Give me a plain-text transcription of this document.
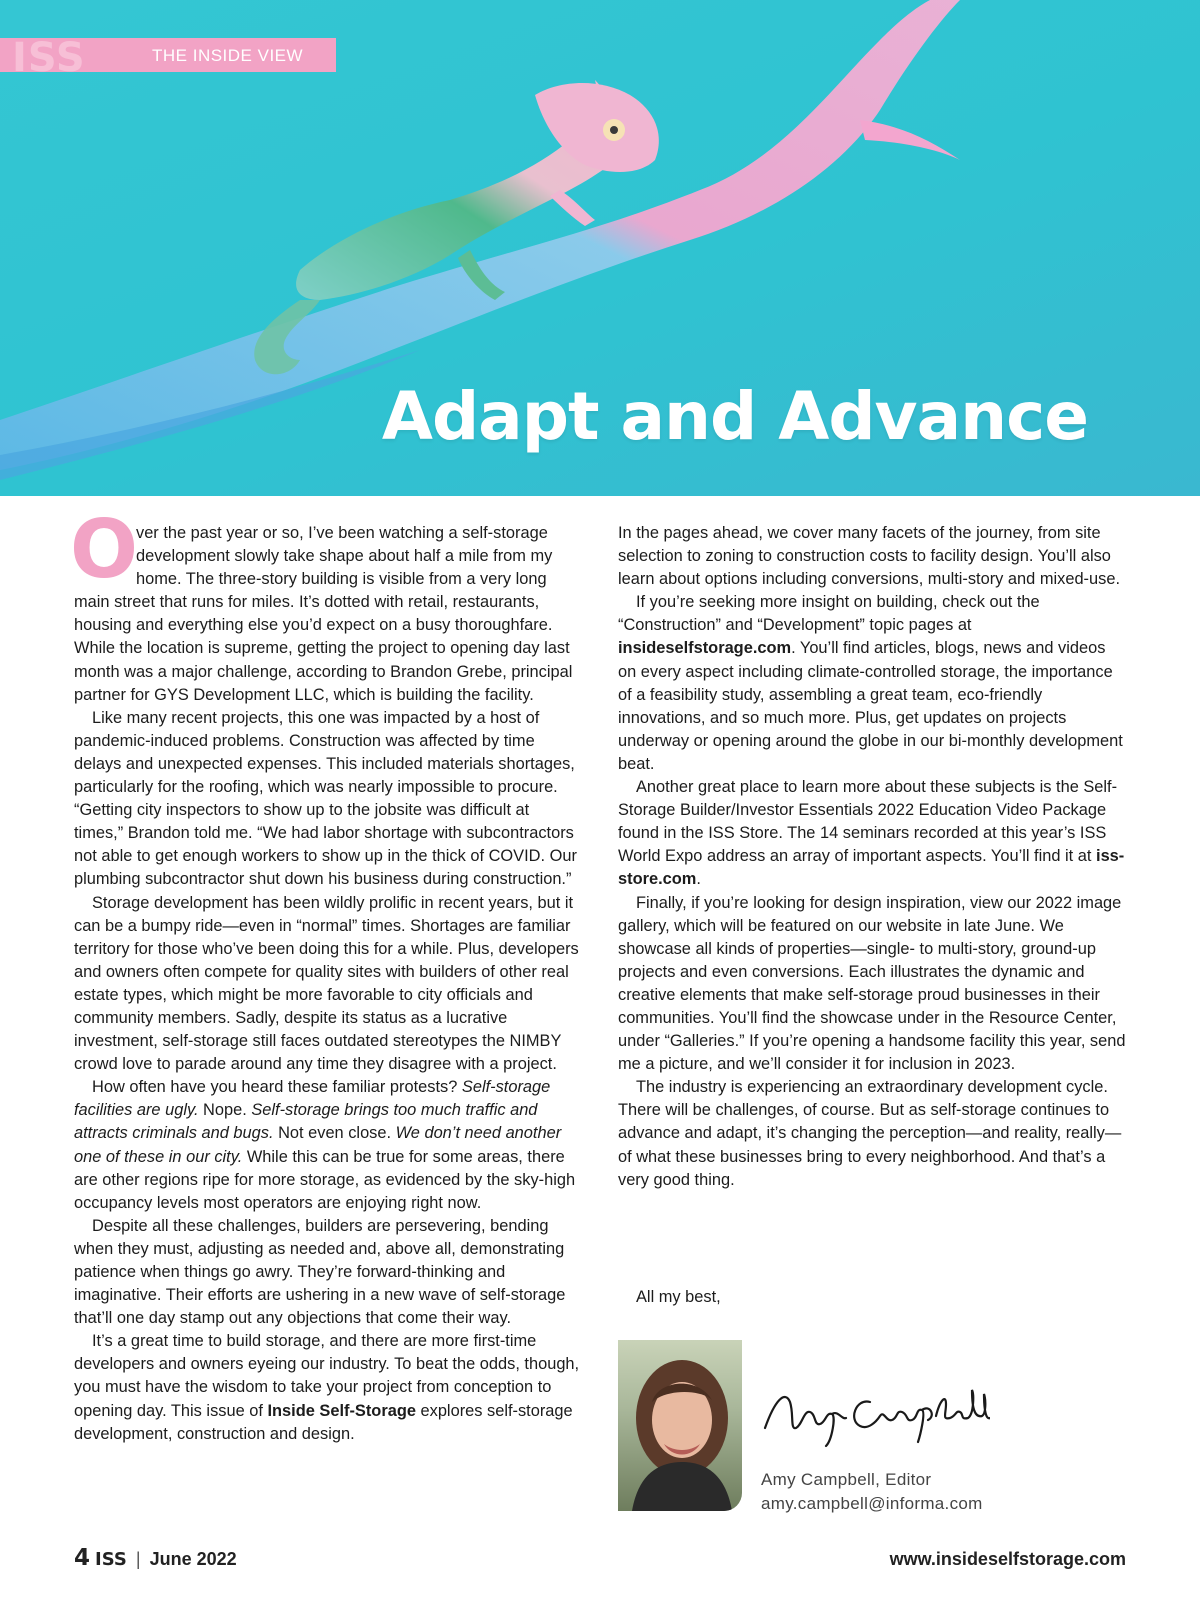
ISS	THE INSIDE VIEW
Adapt and Advance

O
ver the past year or so, I’ve been watching a self-storage development slowly take shape about half a mile from my home. The three-story building is visible from a very long main street that runs for miles. It’s dotted with retail, restaurants, housing and everything else you’d expect on a busy thoroughfare. While the location is supreme, getting the project to opening day last month was a major challenge, according to Brandon Grebe, principal partner for GYS Development LLC, which is building the facility.

Like many recent projects, this one was impacted by a host of pandemic-induced problems. Construction was affected by time delays and unexpected expenses. This included materials shortages, particularly for the roofing, which was nearly impossible to procure. “Getting city inspectors to show up to the jobsite was difficult at times,” Brandon told me. “We had labor shortage with subcontractors not able to get enough workers to show up in the thick of COVID. Our plumbing subcontractor shut down his business during construction.”

Storage development has been wildly prolific in recent years, but it can be a bumpy ride—even in “normal” times. Shortages are familiar territory for those who’ve been doing this for a while. Plus, developers and owners often compete for quality sites with builders of other real estate types, which might be more favorable to city officials and community members. Sadly, despite its status as a lucrative investment, self-storage still faces outdated stereotypes the NIMBY crowd love to parade around any time they disagree with a project.

How often have you heard these familiar protests? Self-storage facilities are ugly. Nope. Self-storage brings too much traffic and attracts criminals and bugs. Not even close. We don’t need another one of these in our city. While this can be true for some areas, there are other regions ripe for more storage, as evidenced by the sky-high occupancy levels most operators are enjoying right now.

Despite all these challenges, builders are persevering, bending when they must, adjusting as needed and, above all, demonstrating patience when things go awry. They’re forward-thinking and imaginative. Their efforts are ushering in a new wave of self-storage that’ll one day stamp out any objections that come their way.

It’s a great time to build storage, and there are more first-time developers and owners eyeing our industry. To beat the odds, though, you must have the wisdom to take your project from conception to opening day. This issue of Inside Self-Storage explores self-storage development, construction and design.

In the pages ahead, we cover many facets of the journey, from site selection to zoning to construction costs to facility design. You’ll also learn about options including conversions, multi-story and mixed-use.

If you’re seeking more insight on building, check out the “Construction” and “Development” topic pages at insideselfstorage.com. You’ll find articles, blogs, news and videos on every aspect including climate-controlled storage, the importance of a feasibility study, assembling a great team, eco-friendly innovations, and so much more. Plus, get updates on projects underway or opening around the globe in our bi-monthly development beat.

Another great place to learn more about these subjects is the Self-Storage Builder/Investor Essentials 2022 Education Video Package found in the ISS Store. The 14 seminars recorded at this year’s ISS World Expo address an array of important aspects. You’ll find it at iss-store.com.

Finally, if you’re looking for design inspiration, view our 2022 image gallery, which will be featured on our website in late June. We showcase all kinds of properties—single- to multi-story, ground-up projects and even conversions. Each illustrates the dynamic and creative elements that make self-storage proud businesses in their communities. You’ll find the showcase under in the Resource Center, under “Galleries.” If you’re opening a handsome facility this year, send me a picture, and we’ll consider it for inclusion in 2023.

The industry is experiencing an extraordinary development cycle. There will be challenges, of course. But as self-storage continues to advance and adapt, it’s changing the perception—and reality, really—of what these businesses bring to every neighborhood. And that’s a very good thing.

All my best,
Amy Campbell, Editor
amy.campbell@informa.com
4 ISS | June 2022	www.insideselfstorage.com
